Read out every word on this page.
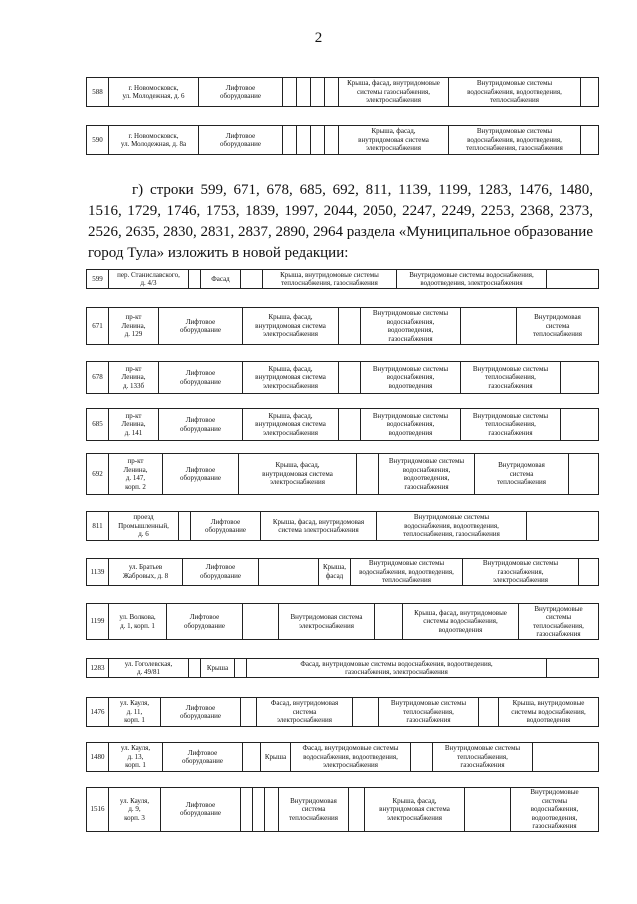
2
588	г. Новомосковск,
ул. Молодежная, д. 6	Лифтовое
оборудование					Крыша, фасад, внутридомовые
системы газоснабжения,
электроснабжения	Внутридомовые системы
водоснабжения, водоотведения,
теплоснабжения	
590	г. Новомосковск,
ул. Молодежная, д. 8а	Лифтовое
оборудование					Крыша, фасад,
внутридомовая система
электроснабжения	Внутридомовые системы
водоснабжения, водоотведения,
теплоснабжения, газоснабжения	
г) строки 599, 671, 678, 685, 692, 811, 1139, 1199, 1283, 1476, 1480, 1516, 1729, 1746, 1753, 1839, 1997, 2044, 2050, 2247, 2249, 2253, 2368, 2373, 2526, 2635, 2830, 2831, 2837, 2890, 2964 раздела «Муниципальное образование город Тула» изложить в новой редакции:
599	пер. Станиславского,
д. 4/3		Фасад		Крыша, внутридомовые системы
теплоснабжения, газоснабжения	Внутридомовые системы водоснабжения,
водоотведения, электроснабжения	
671	пр-кт
Ленина,
д. 129	Лифтовое
оборудование	Крыша, фасад,
внутридомовая система
электроснабжения		Внутридомовые системы
водоснабжения,
водоотведения,
газоснабжения		Внутридомовая
система
теплоснабжения
678	пр-кт
Ленина,
д. 133б	Лифтовое
оборудование	Крыша, фасад,
внутридомовая система
электроснабжения		Внутридомовые системы
водоснабжения,
водоотведения	Внутридомовые системы
теплоснабжения,
газоснабжения	
685	пр-кт
Ленина,
д. 141	Лифтовое
оборудование	Крыша, фасад,
внутридомовая система
электроснабжения		Внутридомовые системы
водоснабжения,
водоотведения	Внутридомовые системы
теплоснабжения,
газоснабжения	
692	пр-кт
Ленина,
д. 147,
корп. 2	Лифтовое
оборудование	Крыша, фасад,
внутридомовая система
электроснабжения		Внутридомовые системы
водоснабжения,
водоотведения,
газоснабжения	Внутридомовая
система
теплоснабжения	
811	проезд
Промышленный,
д. 6		Лифтовое
оборудование	Крыша, фасад, внутридомовая
система электроснабжения	Внутридомовые системы
водоснабжения, водоотведения,
теплоснабжения, газоснабжения	
1139	ул. Братьев
Жабровых, д. 8	Лифтовое
оборудование		Крыша,
фасад	Внутридомовые системы
водоснабжения, водоотведения,
теплоснабжения	Внутридомовые системы
газоснабжения,
электроснабжения	
1199	ул. Волкова,
д. 1, корп. 1	Лифтовое
оборудование		Внутридомовая система
электроснабжения		Крыша, фасад, внутридомовые
системы водоснабжения,
водоотведения	Внутридомовые
системы
теплоснабжения,
газоснабжения
1283	ул. Гоголевская,
д. 49/81		Крыша		Фасад, внутридомовые системы водоснабжения, водоотведения,
газоснабжения, электроснабжения	
1476	ул. Кауля,
д. 11,
корп. 1	Лифтовое
оборудование		Фасад, внутридомовая
система
электроснабжения		Внутридомовые системы
теплоснабжения,
газоснабжения		Крыша, внутридомовые
системы водоснабжения,
водоотведения
1480	ул. Кауля,
д. 13,
корп. 1	Лифтовое
оборудование		Крыша	Фасад, внутридомовые системы
водоснабжения, водоотведения,
электроснабжения		Внутридомовые системы
теплоснабжения,
газоснабжения	
1516	ул. Кауля,
д. 9,
корп. 3	Лифтовое
оборудование				Внутридомовая
система
теплоснабжения		Крыша, фасад,
внутридомовая система
электроснабжения		Внутридомовые
системы
водоснабжения,
водоотведения,
газоснабжения
